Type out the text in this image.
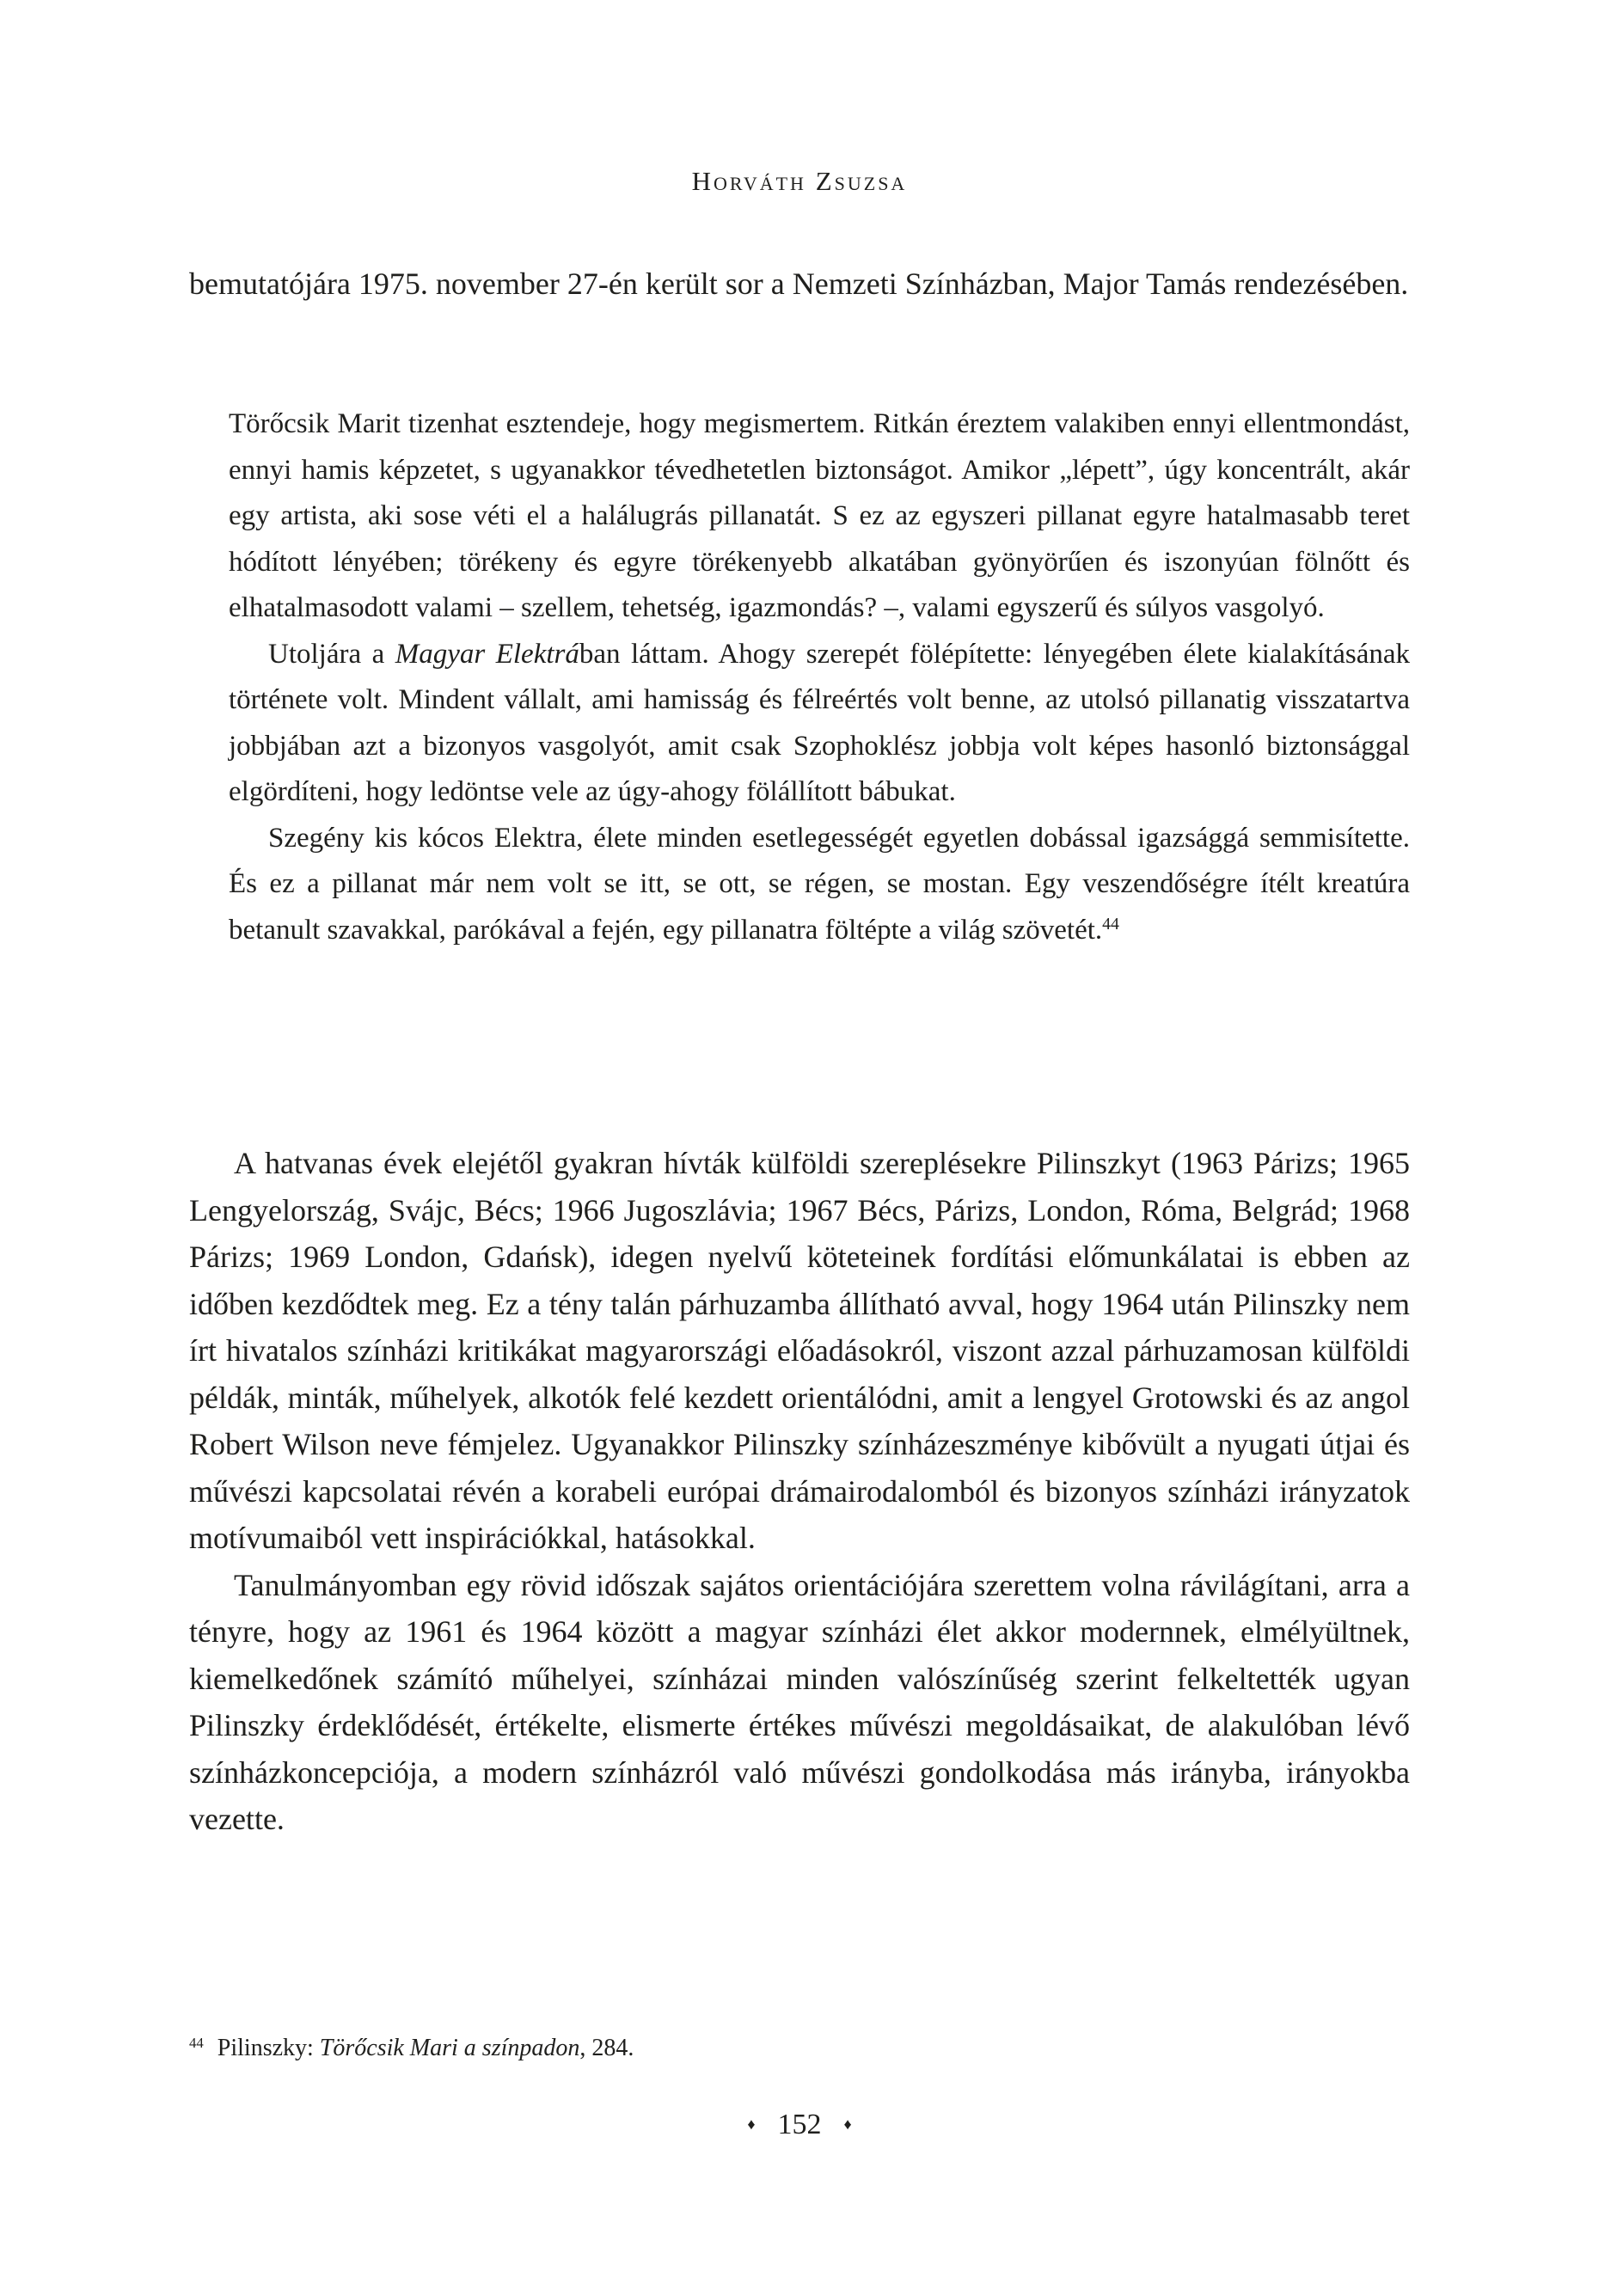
Horváth Zsuzsa

bemutatójára 1975. november 27-én került sor a Nemzeti Színházban, Major Tamás rendezésében.

Törőcsik Marit tizenhat esztendeje, hogy megismertem. Ritkán éreztem valakiben ennyi ellentmondást, ennyi hamis képzetet, s ugyanakkor tévedhetetlen biztonságot. Amikor „lépett”, úgy koncentrált, akár egy artista, aki sose véti el a halálugrás pillanatát. S ez az egyszeri pillanat egyre hatalmasabb teret hódított lényében; törékeny és egyre törékenyebb alkatában gyönyörűen és iszonyúan fölnőtt és elhatalmasodott valami – szellem, tehetség, igazmondás? –, valami egyszerű és súlyos vasgolyó.

Utoljára a Magyar Elektrában láttam. Ahogy szerepét fölépítette: lényegében élete kialakításának története volt. Mindent vállalt, ami hamisság és félreértés volt benne, az utolsó pillanatig visszatartva jobbjában azt a bizonyos vasgolyót, amit csak Szophoklész jobbja volt képes hasonló biztonsággal elgördíteni, hogy ledöntse vele az úgy-ahogy fölállított bábukat.

Szegény kis kócos Elektra, élete minden esetlegességét egyetlen dobással igazsággá semmisítette. És ez a pillanat már nem volt se itt, se ott, se régen, se mostan. Egy veszendőségre ítélt kreatúra betanult szavakkal, parókával a fején, egy pillanatra föltépte a világ szövetét.$^{44}$

A hatvanas évek elejétől gyakran hívták külföldi szereplésekre Pilinszkyt (1963 Párizs; 1965 Lengyelország, Svájc, Bécs; 1966 Jugoszlávia; 1967 Bécs, Párizs, London, Róma, Belgrád; 1968 Párizs; 1969 London, Gdańsk), idegen nyelvű köteteinek fordítási előmunkálatai is ebben az időben kezdődtek meg. Ez a tény talán párhuzamba állítható avval, hogy 1964 után Pilinszky nem írt hivatalos színházi kritikákat magyarországi előadásokról, viszont azzal párhuzamosan külföldi példák, minták, műhelyek, alkotók felé kezdett orientálódni, amit a lengyel Grotowski és az angol Robert Wilson neve fémjelez. Ugyanakkor Pilinszky színházeszménye kibővült a nyugati útjai és művészi kapcsolatai révén a korabeli európai drámairodalomból és bizonyos színházi irányzatok motívumaiból vett inspirációkkal, hatásokkal.

Tanulmányomban egy rövid időszak sajátos orientációjára szerettem volna rávilágítani, arra a tényre, hogy az 1961 és 1964 között a magyar színházi élet akkor modernnek, elmélyültnek, kiemelkedőnek számító műhelyei, színházai minden valószínűség szerint felkeltették ugyan Pilinszky érdeklődését, értékelte, elismerte értékes művészi megoldásaikat, de alakulóban lévő színházkoncepciója, a modern színházról való művészi gondolkodása más irányba, irányokba vezette.

$^{44}$ Pilinszky: Törőcsik Mari a színpadon, 284.

♦ 152 ♦
